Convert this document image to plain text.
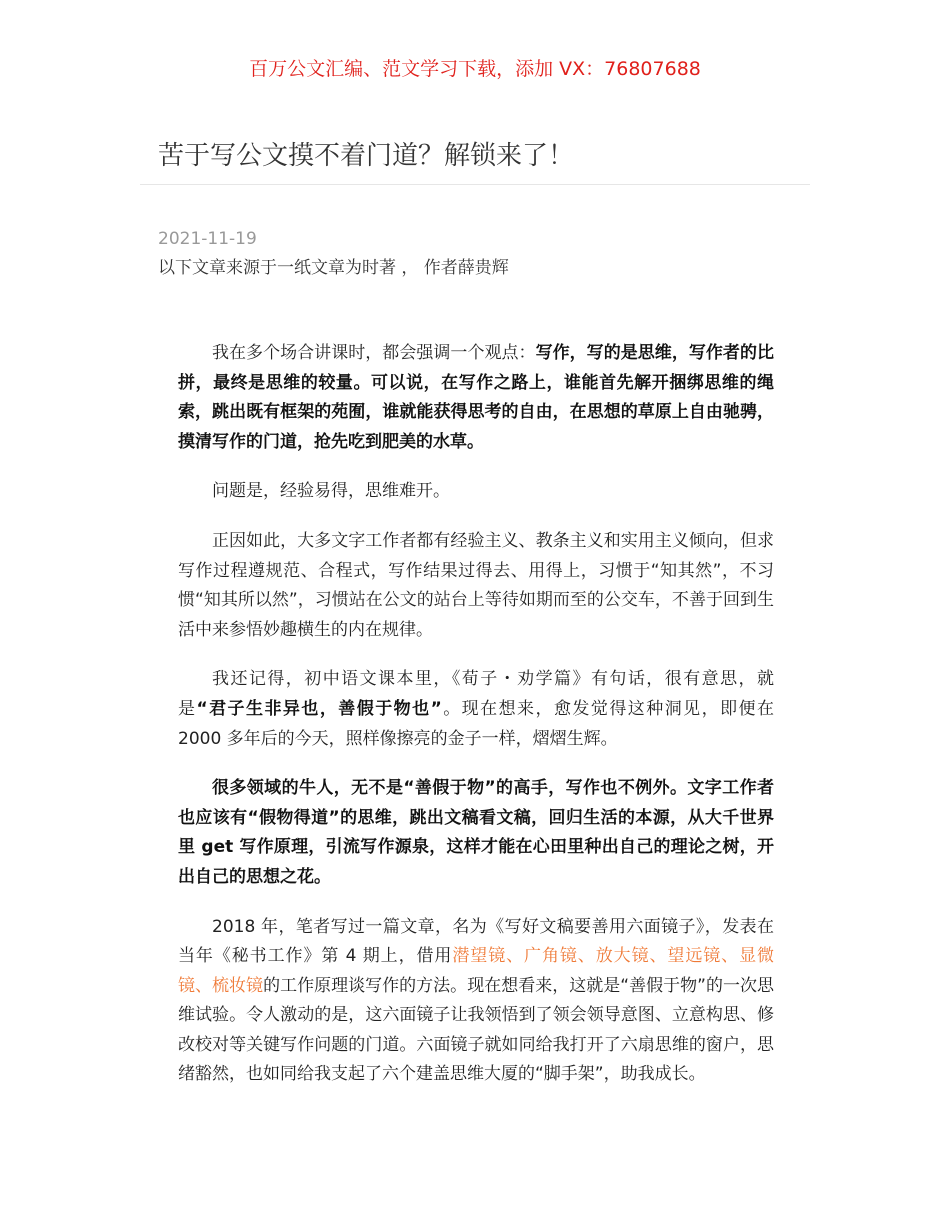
百万公文汇编、范文学习下载，添加 VX：76807688
苦于写公文摸不着门道？解锁来了！
2021-11-19
以下文章来源于一纸文章为时著 ， 作者薛贵辉

我在多个场合讲课时，都会强调一个观点：写作，写的是思维，写作者的比拼，最终是思维的较量。可以说，在写作之路上，谁能首先解开捆绑思维的绳索，跳出既有框架的苑囿，谁就能获得思考的自由，在思想的草原上自由驰骋，摸清写作的门道，抢先吃到肥美的水草。

问题是，经验易得，思维难开。

正因如此，大多文字工作者都有经验主义、教条主义和实用主义倾向，但求写作过程遵规范、合程式，写作结果过得去、用得上，习惯于“知其然”，不习惯“知其所以然”，习惯站在公文的站台上等待如期而至的公交车，不善于回到生活中来参悟妙趣横生的内在规律。

我还记得，初中语文课本里，《荀子・劝学篇》有句话，很有意思，就是“君子生非异也，善假于物也”。现在想来，愈发觉得这种洞见，即便在 2000 多年后的今天，照样像擦亮的金子一样，熠熠生辉。

很多领域的牛人，无不是“善假于物”的高手，写作也不例外。文字工作者也应该有“假物得道”的思维，跳出文稿看文稿，回归生活的本源，从大千世界里 get 写作原理，引流写作源泉，这样才能在心田里种出自己的理论之树，开出自己的思想之花。

2018 年，笔者写过一篇文章，名为《写好文稿要善用六面镜子》，发表在当年《秘书工作》第 4 期上，借用潜望镜、广角镜、放大镜、望远镜、显微镜、梳妆镜的工作原理谈写作的方法。现在想看来，这就是“善假于物”的一次思维试验。令人激动的是，这六面镜子让我领悟到了领会领导意图、立意构思、修改校对等关键写作问题的门道。六面镜子就如同给我打开了六扇思维的窗户，思绪豁然，也如同给我支起了六个建盖思维大厦的“脚手架”，助我成长。
